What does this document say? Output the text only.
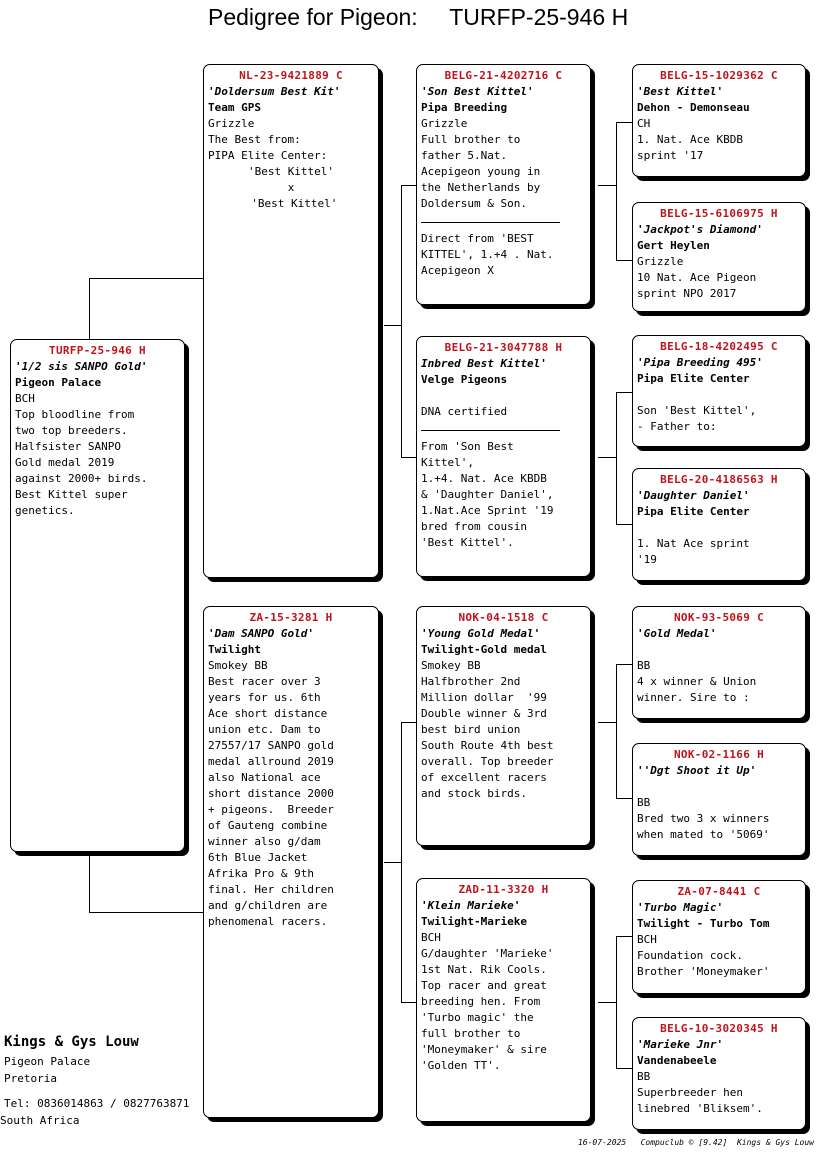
Pedigree for Pigeon: TURFP-25-946 H
TURFP-25-946 H
'1/2 sis SANPO Gold'
Pigeon Palace
BCH
Top bloodline from
two top breeders.
Halfsister SANPO
Gold medal 2019
against 2000+ birds.
Best Kittel super
genetics.
NL-23-9421889 C
'Doldersum Best Kit'
Team GPS
Grizzle
The Best from:
PIPA Elite Center:
'Best Kittel'
x
'Best Kittel'
ZA-15-3281 H
'Dam SANPO Gold'
Twilight
Smokey BB
Best racer over 3
years for us. 6th
Ace short distance
union etc. Dam to
27557/17 SANPO gold
medal allround 2019
also National ace
short distance 2000
+ pigeons.  Breeder
of Gauteng combine
winner also g/dam
6th Blue Jacket
Afrika Pro & 9th
final. Her children
and g/children are
phenomenal racers.
BELG-21-4202716 C
'Son Best Kittel'
Pipa Breeding
Grizzle
Full brother to
father 5.Nat.
Acepigeon young in
the Netherlands by
Doldersum & Son.
Direct from 'BEST
KITTEL', 1.+4 . Nat.
Acepigeon X
BELG-21-3047788 H
Inbred Best Kittel'
Velge Pigeons
DNA certified
From 'Son Best
Kittel',
1.+4. Nat. Ace KBDB
& 'Daughter Daniel',
1.Nat.Ace Sprint '19
bred from cousin
'Best Kittel'.
NOK-04-1518 C
'Young Gold Medal'
Twilight-Gold medal
Smokey BB
Halfbrother 2nd
Million dollar  '99
Double winner & 3rd
best bird union
South Route 4th best
overall. Top breeder
of excellent racers
and stock birds.
ZAD-11-3320 H
'Klein Marieke'
Twilight-Marieke
BCH
G/daughter 'Marieke'
1st Nat. Rik Cools.
Top racer and great
breeding hen. From
'Turbo magic' the
full brother to
'Moneymaker' & sire
'Golden TT'.
BELG-15-1029362 C
'Best Kittel'
Dehon - Demonseau
CH
1. Nat. Ace KBDB
sprint '17
BELG-15-6106975 H
'Jackpot's Diamond'
Gert Heylen
Grizzle
10 Nat. Ace Pigeon
sprint NPO 2017
BELG-18-4202495 C
'Pipa Breeding 495'
Pipa Elite Center
Son 'Best Kittel',
- Father to:
BELG-20-4186563 H
'Daughter Daniel'
Pipa Elite Center
1. Nat Ace sprint
'19
NOK-93-5069 C
'Gold Medal'
BB
4 x winner & Union
winner. Sire to :
NOK-02-1166 H
''Dgt Shoot it Up'
BB
Bred two 3 x winners
when mated to '5069'
ZA-07-8441 C
'Turbo Magic'
Twilight - Turbo Tom
BCH
Foundation cock.
Brother 'Moneymaker'
BELG-10-3020345 H
'Marieke Jnr'
Vandenabeele
BB
Superbreeder hen
linebred 'Bliksem'.
Kings & Gys Louw
Pigeon Palace
Pretoria
Tel: 0836014863 / 0827763871
South Africa
16-07-2025 Compuclub © [9.42]  Kings & Gys Louw
